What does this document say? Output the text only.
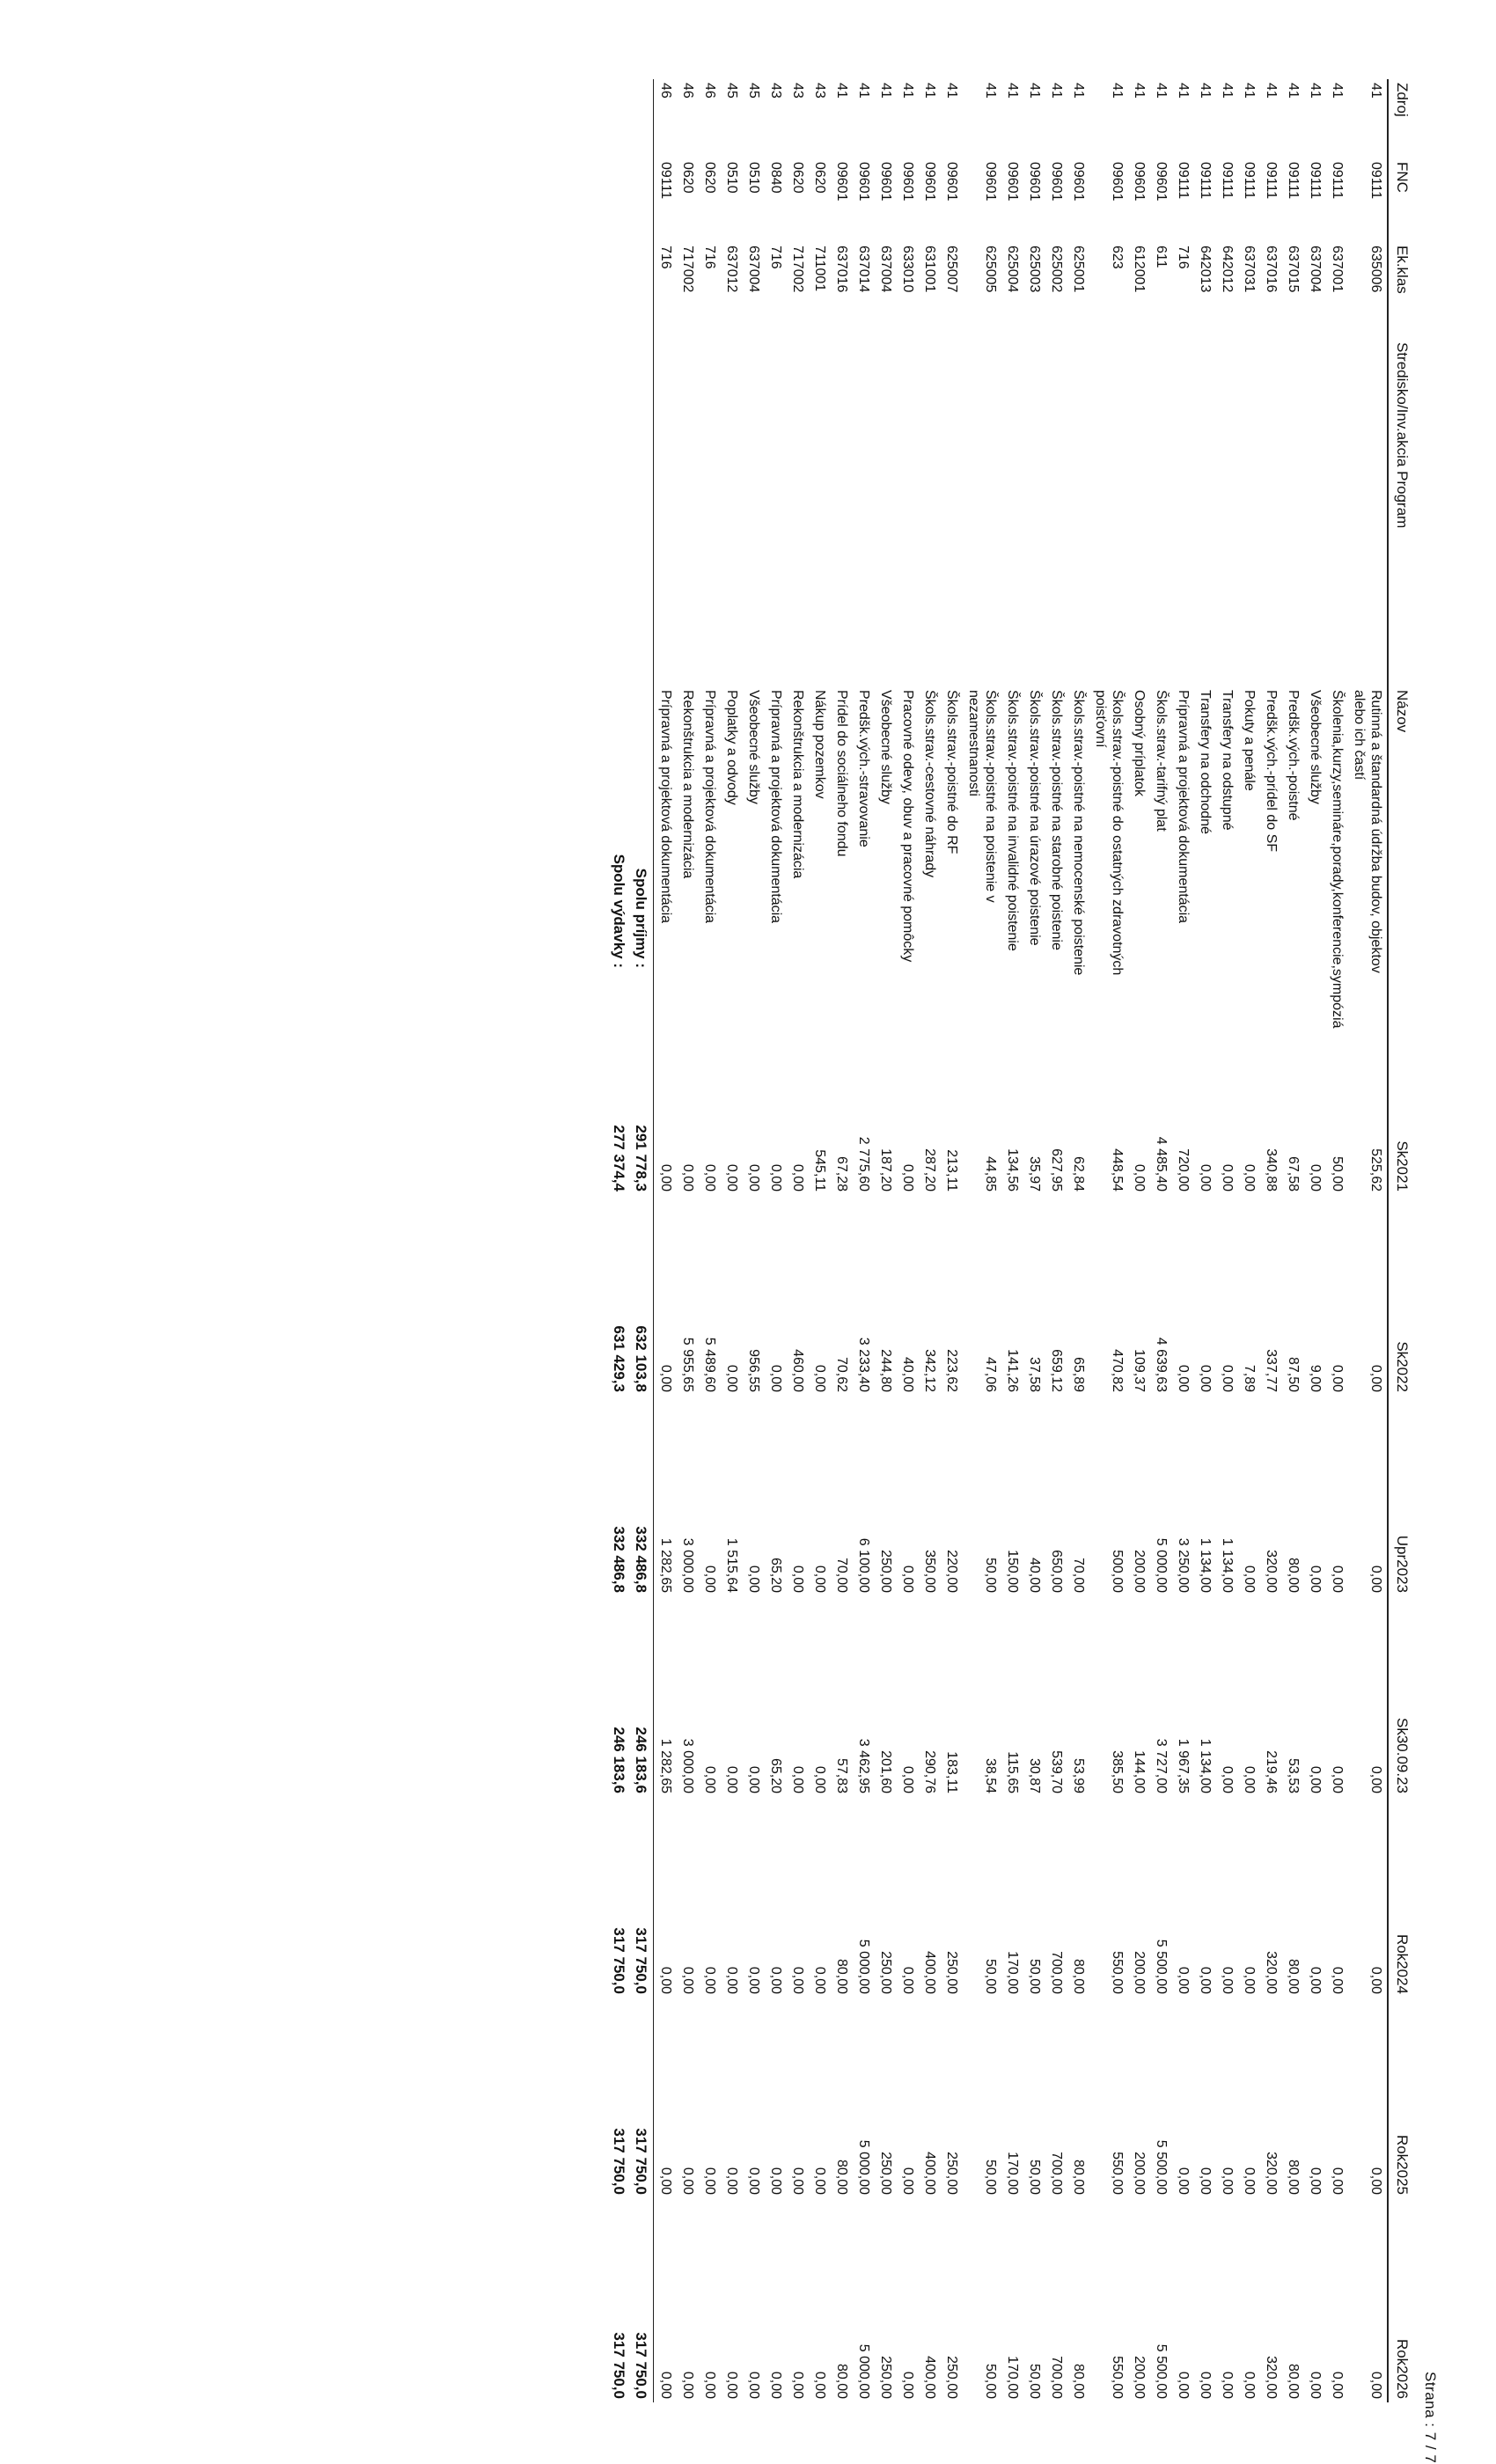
Strana : 7 / 7
Zdroj	FNC	Ek.klas	Stredisko/Inv.akcia Program	Názov	Sk2021	Sk2022	Upr2023	Sk30.09.23	Rok2024	Rok2025	Rok2026
41	09111	635006		Rutinná a štandardná údržba budov, objektov alebo ich častí	525,62	0,00	0,00	0,00	0,00	0,00	0,00
41	09111	637001		Školenia,kurzy,semináre,porady,konferencie,sympóziá	50,00	0,00	0,00	0,00	0,00	0,00	0,00
41	09111	637004		Všeobecné služby	0,00	9,00	0,00	0,00	0,00	0,00	0,00
41	09111	637015		Predšk.vých.-poistné	67,58	87,50	80,00	53,53	80,00	80,00	80,00
41	09111	637016		Predšk.vých.-prídel do SF	340,88	337,77	320,00	219,46	320,00	320,00	320,00
41	09111	637031		Pokuty a penále	0,00	7,89	0,00	0,00	0,00	0,00	0,00
41	09111	642012		Transfery na odstupné	0,00	0,00	1 134,00	0,00	0,00	0,00	0,00
41	09111	642013		Transfery na odchodné	0,00	0,00	1 134,00	1 134,00	0,00	0,00	0,00
41	09111	716		Prípravná a projektová dokumentácia	720,00	0,00	3 250,00	1 967,35	0,00	0,00	0,00
41	09601	611		Škols.strav.-tarifný plat	4 485,40	4 639,63	5 000,00	3 727,00	5 500,00	5 500,00	5 500,00
41	09601	612001		Osobný príplatok	0,00	109,37	200,00	144,00	200,00	200,00	200,00
41	09601	623		Škols.strav.-poistné do ostatných zdravotných poisťovní	448,54	470,82	500,00	385,50	550,00	550,00	550,00
41	09601	625001		Škols.strav.-poistné na nemocenské poistenie	62,84	65,89	70,00	53,99	80,00	80,00	80,00
41	09601	625002		Škols.strav.-poistné na starobné poistenie	627,95	659,12	650,00	539,70	700,00	700,00	700,00
41	09601	625003		Škols.strav.-poistné na úrazové poistenie	35,97	37,58	40,00	30,87	50,00	50,00	50,00
41	09601	625004		Škols.strav.-poistné na invalidné poistenie	134,56	141,26	150,00	115,65	170,00	170,00	170,00
41	09601	625005		Škols.strav.-poistné na poistenie v nezamestnanosti	44,85	47,06	50,00	38,54	50,00	50,00	50,00
41	09601	625007		Škols.strav.-poistné do RF	213,11	223,62	220,00	183,11	250,00	250,00	250,00
41	09601	631001		Škols.strav.-cestovné náhrady	287,20	342,12	350,00	290,76	400,00	400,00	400,00
41	09601	633010		Pracovné odevy, obuv a pracovné pomôcky	0,00	40,00	0,00	0,00	0,00	0,00	0,00
41	09601	637004		Všeobecné služby	187,20	244,80	250,00	201,60	250,00	250,00	250,00
41	09601	637014		Predšk.vých.-stravovanie	2 775,60	3 233,40	6 100,00	3 462,95	5 000,00	5 000,00	5 000,00
41	09601	637016		Prídel do sociálneho fondu	67,28	70,62	70,00	57,83	80,00	80,00	80,00
43	0620	711001		Nákup pozemkov	545,11	0,00	0,00	0,00	0,00	0,00	0,00
43	0620	717002		Rekonštrukcia a modernizácia	0,00	460,00	0,00	0,00	0,00	0,00	0,00
43	0840	716		Prípravná a projektová dokumentácia	0,00	0,00	65,20	65,20	0,00	0,00	0,00
45	0510	637004		Všeobecné služby	0,00	956,55	0,00	0,00	0,00	0,00	0,00
45	0510	637012		Poplatky a odvody	0,00	0,00	1 515,64	0,00	0,00	0,00	0,00
46	0620	716		Prípravná a projektová dokumentácia	0,00	5 489,60	0,00	0,00	0,00	0,00	0,00
46	0620	717002		Rekonštrukcia a modernizácia	0,00	5 955,65	3 000,00	3 000,00	0,00	0,00	0,00
46	09111	716		Prípravná a projektová dokumentácia	0,00	0,00	1 282,65	1 282,65	0,00	0,00	0,00
Spolu príjmy :					291 778,3	632 103,8	332 486,8	246 183,6	317 750,0	317 750,0	317 750,0
Spolu výdavky :					277 374,4	631 429,3	332 486,8	246 183,6	317 750,0	317 750,0	317 750,0
